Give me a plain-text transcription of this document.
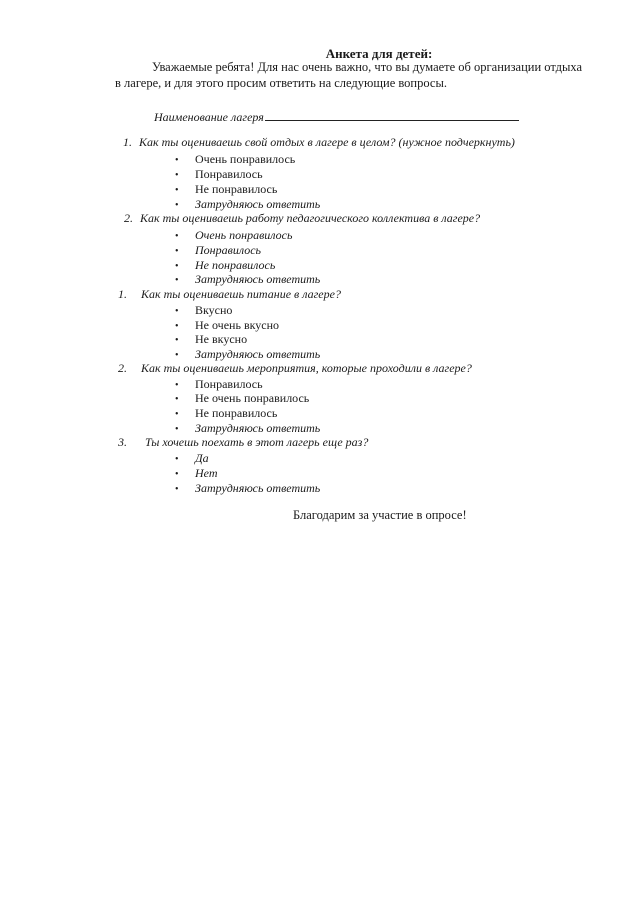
Анкета для детей:
Уважаемые ребята! Для нас очень важно, что вы думаете об организации отдыха
в лагере, и для этого просим ответить на следующие вопросы.
Наименование лагеря
1. Как ты оцениваешь свой отдых в лагере в целом? (нужное подчеркнуть)
• Очень понравилось
• Понравилось
• Не понравилось
• Затрудняюсь ответить
2. Как ты оцениваешь работу педагогического коллектива в лагере?
• Очень понравилось
• Понравилось
• Не понравилось
• Затрудняюсь ответить
1. Как ты оцениваешь питание в лагере?
• Вкусно
• Не очень вкусно
• Не вкусно
• Затрудняюсь ответить
2. Как ты оцениваешь мероприятия, которые проходили в лагере?
• Понравилось
• Не очень понравилось
• Не понравилось
• Затрудняюсь ответить
3. Ты хочешь поехать в этот лагерь еще раз?
• Да
• Нет
• Затрудняюсь ответить
Благодарим за участие в опросе!
